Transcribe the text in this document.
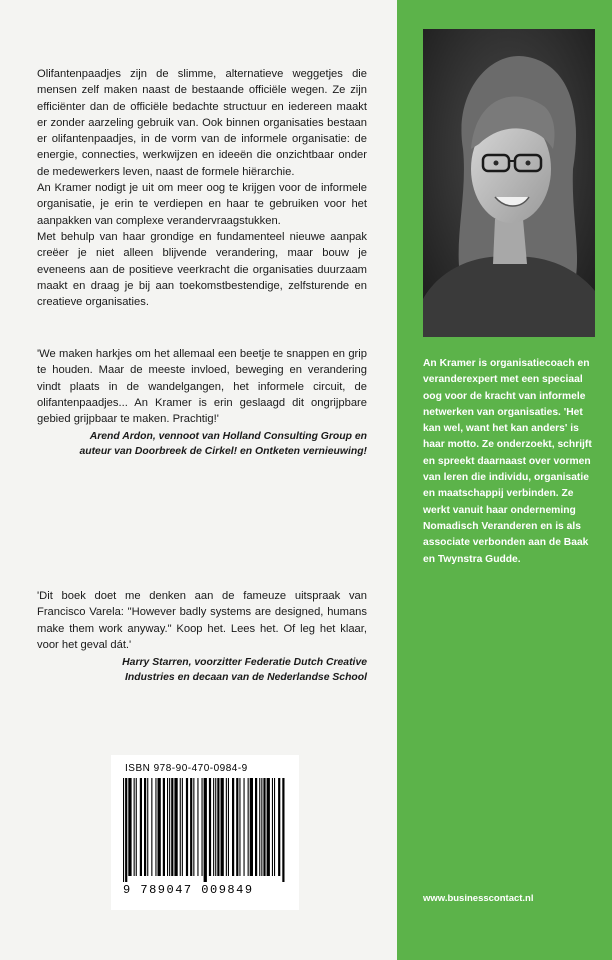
Olifantenpaadjes zijn de slimme, alternatieve weggetjes die mensen zelf maken naast de bestaande officiële wegen. Ze zijn efficiënter dan de officiële bedachte structuur en iedereen maakt er zonder aarzeling gebruik van. Ook binnen organisaties bestaan er olifantenpaadjes, in de vorm van de informele organisatie: de energie, connecties, werkwijzen en ideeën die onzichtbaar onder de medewerkers leven, naast de formele hiërarchie.

An Kramer nodigt je uit om meer oog te krijgen voor de informele organisatie, je erin te verdiepen en haar te gebruiken voor het aanpakken van complexe verandervraagstukken.

Met behulp van haar grondige en fundamenteel nieuwe aanpak creëer je niet alleen blijvende verandering, maar bouw je eveneens aan de positieve veerkracht die organisaties duurzaam maakt en draag je bij aan toekomstbestendige, zelfsturende en creatieve organisaties.

'We maken harkjes om het allemaal een beetje te snappen en grip te houden. Maar de meeste invloed, beweging en verandering vindt plaats in de wandelgangen, het informele circuit, de olifantenpaadjes... An Kramer is erin geslaagd dit ongrijpbare gebied grijpbaar te maken. Prachtig!'

Arend Ardon, vennoot van Holland Consulting Group en
auteur van Doorbreek de Cirkel! en Ontketen vernieuwing!

'Dit boek doet me denken aan de fameuze uitspraak van Francisco Varela: "However badly systems are designed, humans make them work anyway." Koop het. Lees het. Of leg het klaar, voor het geval dát.'

Harry Starren, voorzitter Federatie Dutch Creative
Industries en decaan van de Nederlandse School

ISBN 978-90-470-0984-9
9 789047 009849

An Kramer is organisatiecoach en veranderexpert met een speciaal oog voor de kracht van informele netwerken van organisaties. 'Het kan wel, want het kan anders' is haar motto. Ze onderzoekt, schrijft en spreekt daarnaast over vormen van leren die individu, organisatie en maatschappij verbinden. Ze werkt vanuit haar onderneming Nomadisch Veranderen en is als associate verbonden aan de Baak en Twynstra Gudde.

www.businesscontact.nl
